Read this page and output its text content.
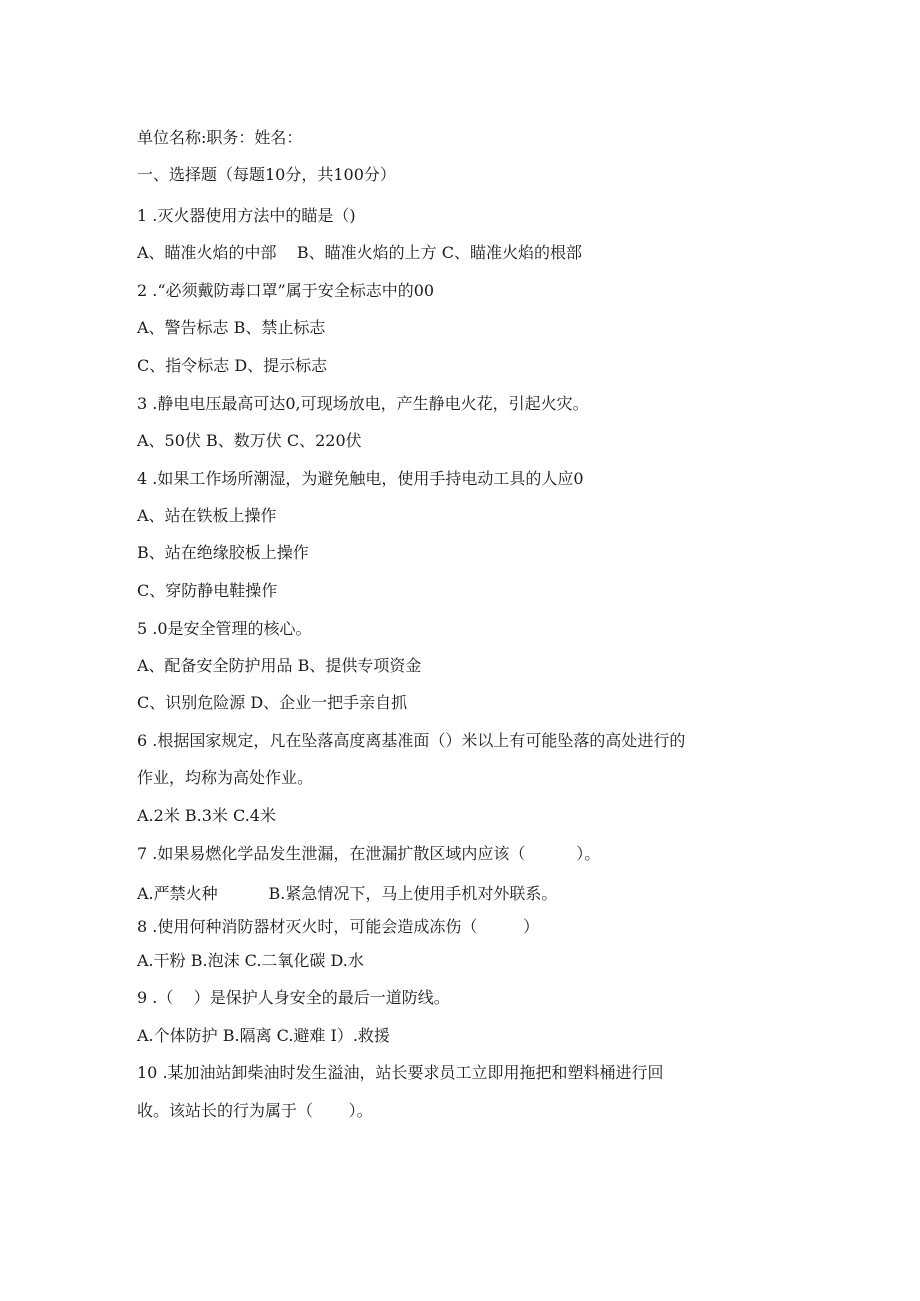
单位名称:职务：姓名：
一、选择题（每题10分，共100分）
1 .灭火器使用方法中的瞄是（)
A、瞄准火焰的中部    B、瞄准火焰的上方 C、瞄准火焰的根部
2 .“必须戴防毒口罩”属于安全标志中的00
A、警告标志 B、禁止标志
C、指令标志 D、提示标志
3 .静电电压最高可达0,可现场放电，产生静电火花，引起火灾。
A、50伏 B、数万伏 C、220伏
4 .如果工作场所潮湿，为避免触电，使用手持电动工具的人应0
A、站在铁板上操作
B、站在绝缘胶板上操作
C、穿防静电鞋操作
5 .0是安全管理的核心。
A、配备安全防护用品 B、提供专项资金
C、识别危险源 D、企业一把手亲自抓
6 .根据国家规定，凡在坠落高度离基准面（）米以上有可能坠落的高处进行的
作业，均称为高处作业。
A.2米 B.3米 C.4米
7 .如果易燃化学品发生泄漏，在泄漏扩散区域内应该（          ）。
A.严禁火种          B.紧急情况下，马上使用手机对外联系。
8 .使用何种消防器材灭火时，可能会造成冻伤（         ）
A.干粉 B.泡沫 C.二氧化碳 D.水
9 .（    ）是保护人身安全的最后一道防线。
A.个体防护 B.隔离 C.避难 I）.救援
10 .某加油站卸柴油时发生溢油，站长要求员工立即用拖把和塑料桶进行回
收。该站长的行为属于（       ）。
